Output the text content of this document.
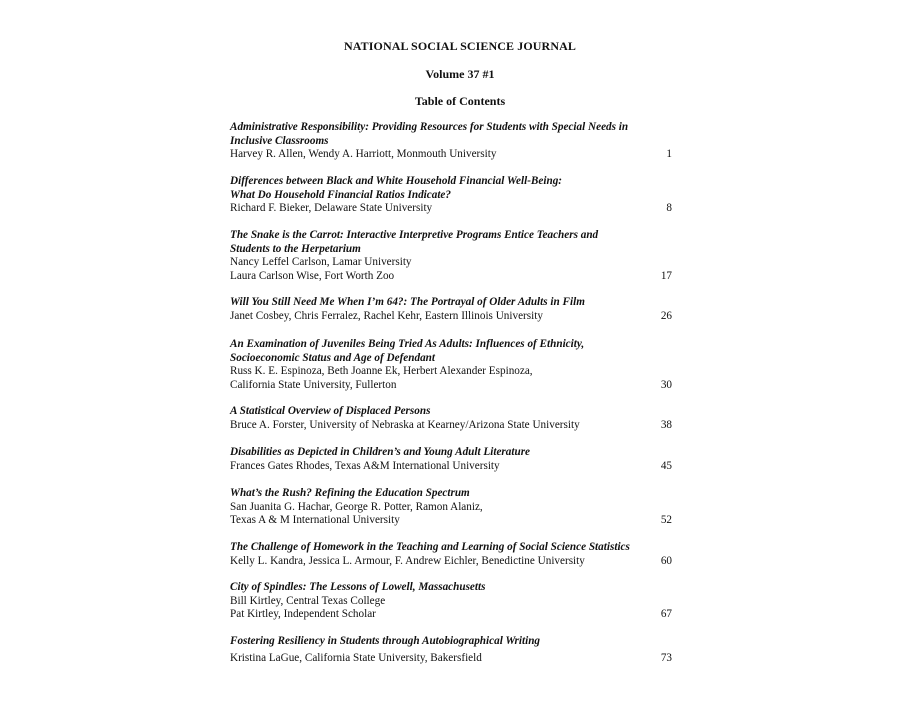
NATIONAL SOCIAL SCIENCE JOURNAL
Volume 37 #1
Table of Contents
Administrative Responsibility: Providing Resources for Students with Special Needs in
Inclusive Classrooms
Harvey R. Allen, Wendy A. Harriott, Monmouth University	1
Differences between Black and White Household Financial Well-Being:
What Do Household Financial Ratios Indicate?
Richard F. Bieker, Delaware State University	8
The Snake is the Carrot: Interactive Interpretive Programs Entice Teachers and
Students to the Herpetarium
Nancy Leffel Carlson, Lamar University
Laura Carlson Wise, Fort Worth Zoo	17
Will You Still Need Me When I’m 64?: The Portrayal of Older Adults in Film
Janet Cosbey, Chris Ferralez, Rachel Kehr, Eastern Illinois University	26
An Examination of Juveniles Being Tried As Adults: Influences of Ethnicity,
Socioeconomic Status and Age of Defendant
Russ K. E. Espinoza, Beth Joanne Ek, Herbert Alexander Espinoza,
California State University, Fullerton	30
A Statistical Overview of Displaced Persons
Bruce A. Forster, University of Nebraska at Kearney/Arizona State University	38
Disabilities as Depicted in Children’s and Young Adult Literature
Frances Gates Rhodes, Texas A&M International University	45
What’s the Rush? Refining the Education Spectrum
San Juanita G. Hachar, George R. Potter, Ramon Alaniz,
Texas A & M International University	52
The Challenge of Homework in the Teaching and Learning of Social Science Statistics
Kelly L. Kandra, Jessica L. Armour, F. Andrew Eichler, Benedictine University	60
City of Spindles: The Lessons of Lowell, Massachusetts
Bill Kirtley, Central Texas College
Pat Kirtley, Independent Scholar	67
Fostering Resiliency in Students through Autobiographical Writing
Kristina LaGue, California State University, Bakersfield	73
